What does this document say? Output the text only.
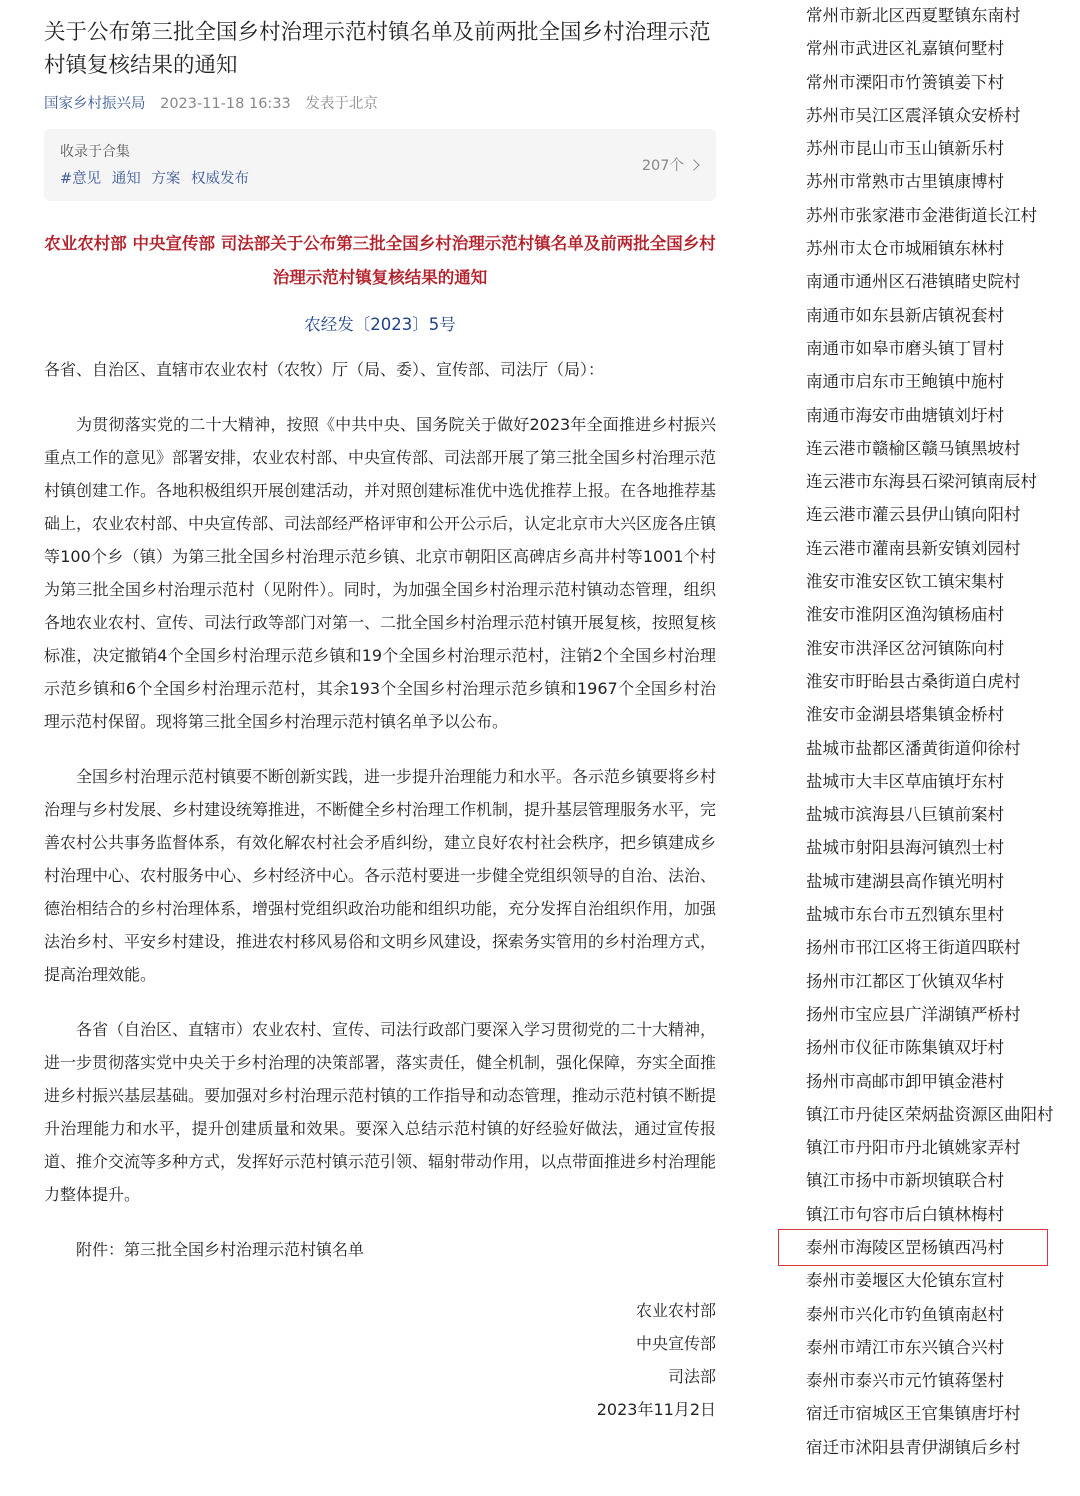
关于公布第三批全国乡村治理示范村镇名单及前两批全国乡村治理示范村镇复核结果的通知
国家乡村振兴局 2023-11-18 16:33 发表于北京
收录于合集
#意见 通知 方案 权威发布
207个
农业农村部 中央宣传部 司法部关于公布第三批全国乡村治理示范村镇名单及前两批全国乡村治理示范村镇复核结果的通知
农经发〔2023〕5号
各省、自治区、直辖市农业农村（农牧）厅（局、委）、宣传部、司法厅（局）：
为贯彻落实党的二十大精神，按照《中共中央、国务院关于做好2023年全面推进乡村振兴重点工作的意见》部署安排，农业农村部、中央宣传部、司法部开展了第三批全国乡村治理示范村镇创建工作。各地积极组织开展创建活动，并对照创建标准优中选优推荐上报。在各地推荐基础上，农业农村部、中央宣传部、司法部经严格评审和公开公示后，认定北京市大兴区庞各庄镇等100个乡（镇）为第三批全国乡村治理示范乡镇、北京市朝阳区高碑店乡高井村等1001个村为第三批全国乡村治理示范村（见附件）。同时，为加强全国乡村治理示范村镇动态管理，组织各地农业农村、宣传、司法行政等部门对第一、二批全国乡村治理示范村镇开展复核，按照复核标准，决定撤销4个全国乡村治理示范乡镇和19个全国乡村治理示范村，注销2个全国乡村治理示范乡镇和6个全国乡村治理示范村，其余193个全国乡村治理示范乡镇和1967个全国乡村治理示范村保留。现将第三批全国乡村治理示范村镇名单予以公布。
全国乡村治理示范村镇要不断创新实践，进一步提升治理能力和水平。各示范乡镇要将乡村治理与乡村发展、乡村建设统筹推进，不断健全乡村治理工作机制，提升基层管理服务水平，完善农村公共事务监督体系，有效化解农村社会矛盾纠纷，建立良好农村社会秩序，把乡镇建成乡村治理中心、农村服务中心、乡村经济中心。各示范村要进一步健全党组织领导的自治、法治、德治相结合的乡村治理体系，增强村党组织政治功能和组织功能，充分发挥自治组织作用，加强法治乡村、平安乡村建设，推进农村移风易俗和文明乡风建设，探索务实管用的乡村治理方式，提高治理效能。
各省（自治区、直辖市）农业农村、宣传、司法行政部门要深入学习贯彻党的二十大精神，进一步贯彻落实党中央关于乡村治理的决策部署，落实责任，健全机制，强化保障，夯实全面推进乡村振兴基层基础。要加强对乡村治理示范村镇的工作指导和动态管理，推动示范村镇不断提升治理能力和水平，提升创建质量和效果。要深入总结示范村镇的好经验好做法，通过宣传报道、推介交流等多种方式，发挥好示范村镇示范引领、辐射带动作用，以点带面推进乡村治理能力整体提升。
附件：第三批全国乡村治理示范村镇名单
农业农村部
中央宣传部
司法部
2023年11月2日
常州市新北区西夏墅镇东南村
常州市武进区礼嘉镇何墅村
常州市溧阳市竹箦镇姜下村
苏州市吴江区震泽镇众安桥村
苏州市昆山市玉山镇新乐村
苏州市常熟市古里镇康博村
苏州市张家港市金港街道长江村
苏州市太仓市城厢镇东林村
南通市通州区石港镇睹史院村
南通市如东县新店镇祝套村
南通市如皋市磨头镇丁冒村
南通市启东市王鲍镇中施村
南通市海安市曲塘镇刘圩村
连云港市赣榆区赣马镇黑坡村
连云港市东海县石梁河镇南辰村
连云港市灌云县伊山镇向阳村
连云港市灌南县新安镇刘园村
淮安市淮安区钦工镇宋集村
淮安市淮阴区渔沟镇杨庙村
淮安市洪泽区岔河镇陈向村
淮安市盱眙县古桑街道白虎村
淮安市金湖县塔集镇金桥村
盐城市盐都区潘黄街道仰徐村
盐城市大丰区草庙镇圩东村
盐城市滨海县八巨镇前案村
盐城市射阳县海河镇烈士村
盐城市建湖县高作镇光明村
盐城市东台市五烈镇东里村
扬州市邗江区将王街道四联村
扬州市江都区丁伙镇双华村
扬州市宝应县广洋湖镇严桥村
扬州市仪征市陈集镇双圩村
扬州市高邮市卸甲镇金港村
镇江市丹徒区荣炳盐资源区曲阳村
镇江市丹阳市丹北镇姚家弄村
镇江市扬中市新坝镇联合村
镇江市句容市后白镇林梅村
泰州市海陵区罡杨镇西冯村
泰州市姜堰区大伦镇东宣村
泰州市兴化市钓鱼镇南赵村
泰州市靖江市东兴镇合兴村
泰州市泰兴市元竹镇蒋堡村
宿迁市宿城区王官集镇唐圩村
宿迁市沭阳县青伊湖镇后乡村
